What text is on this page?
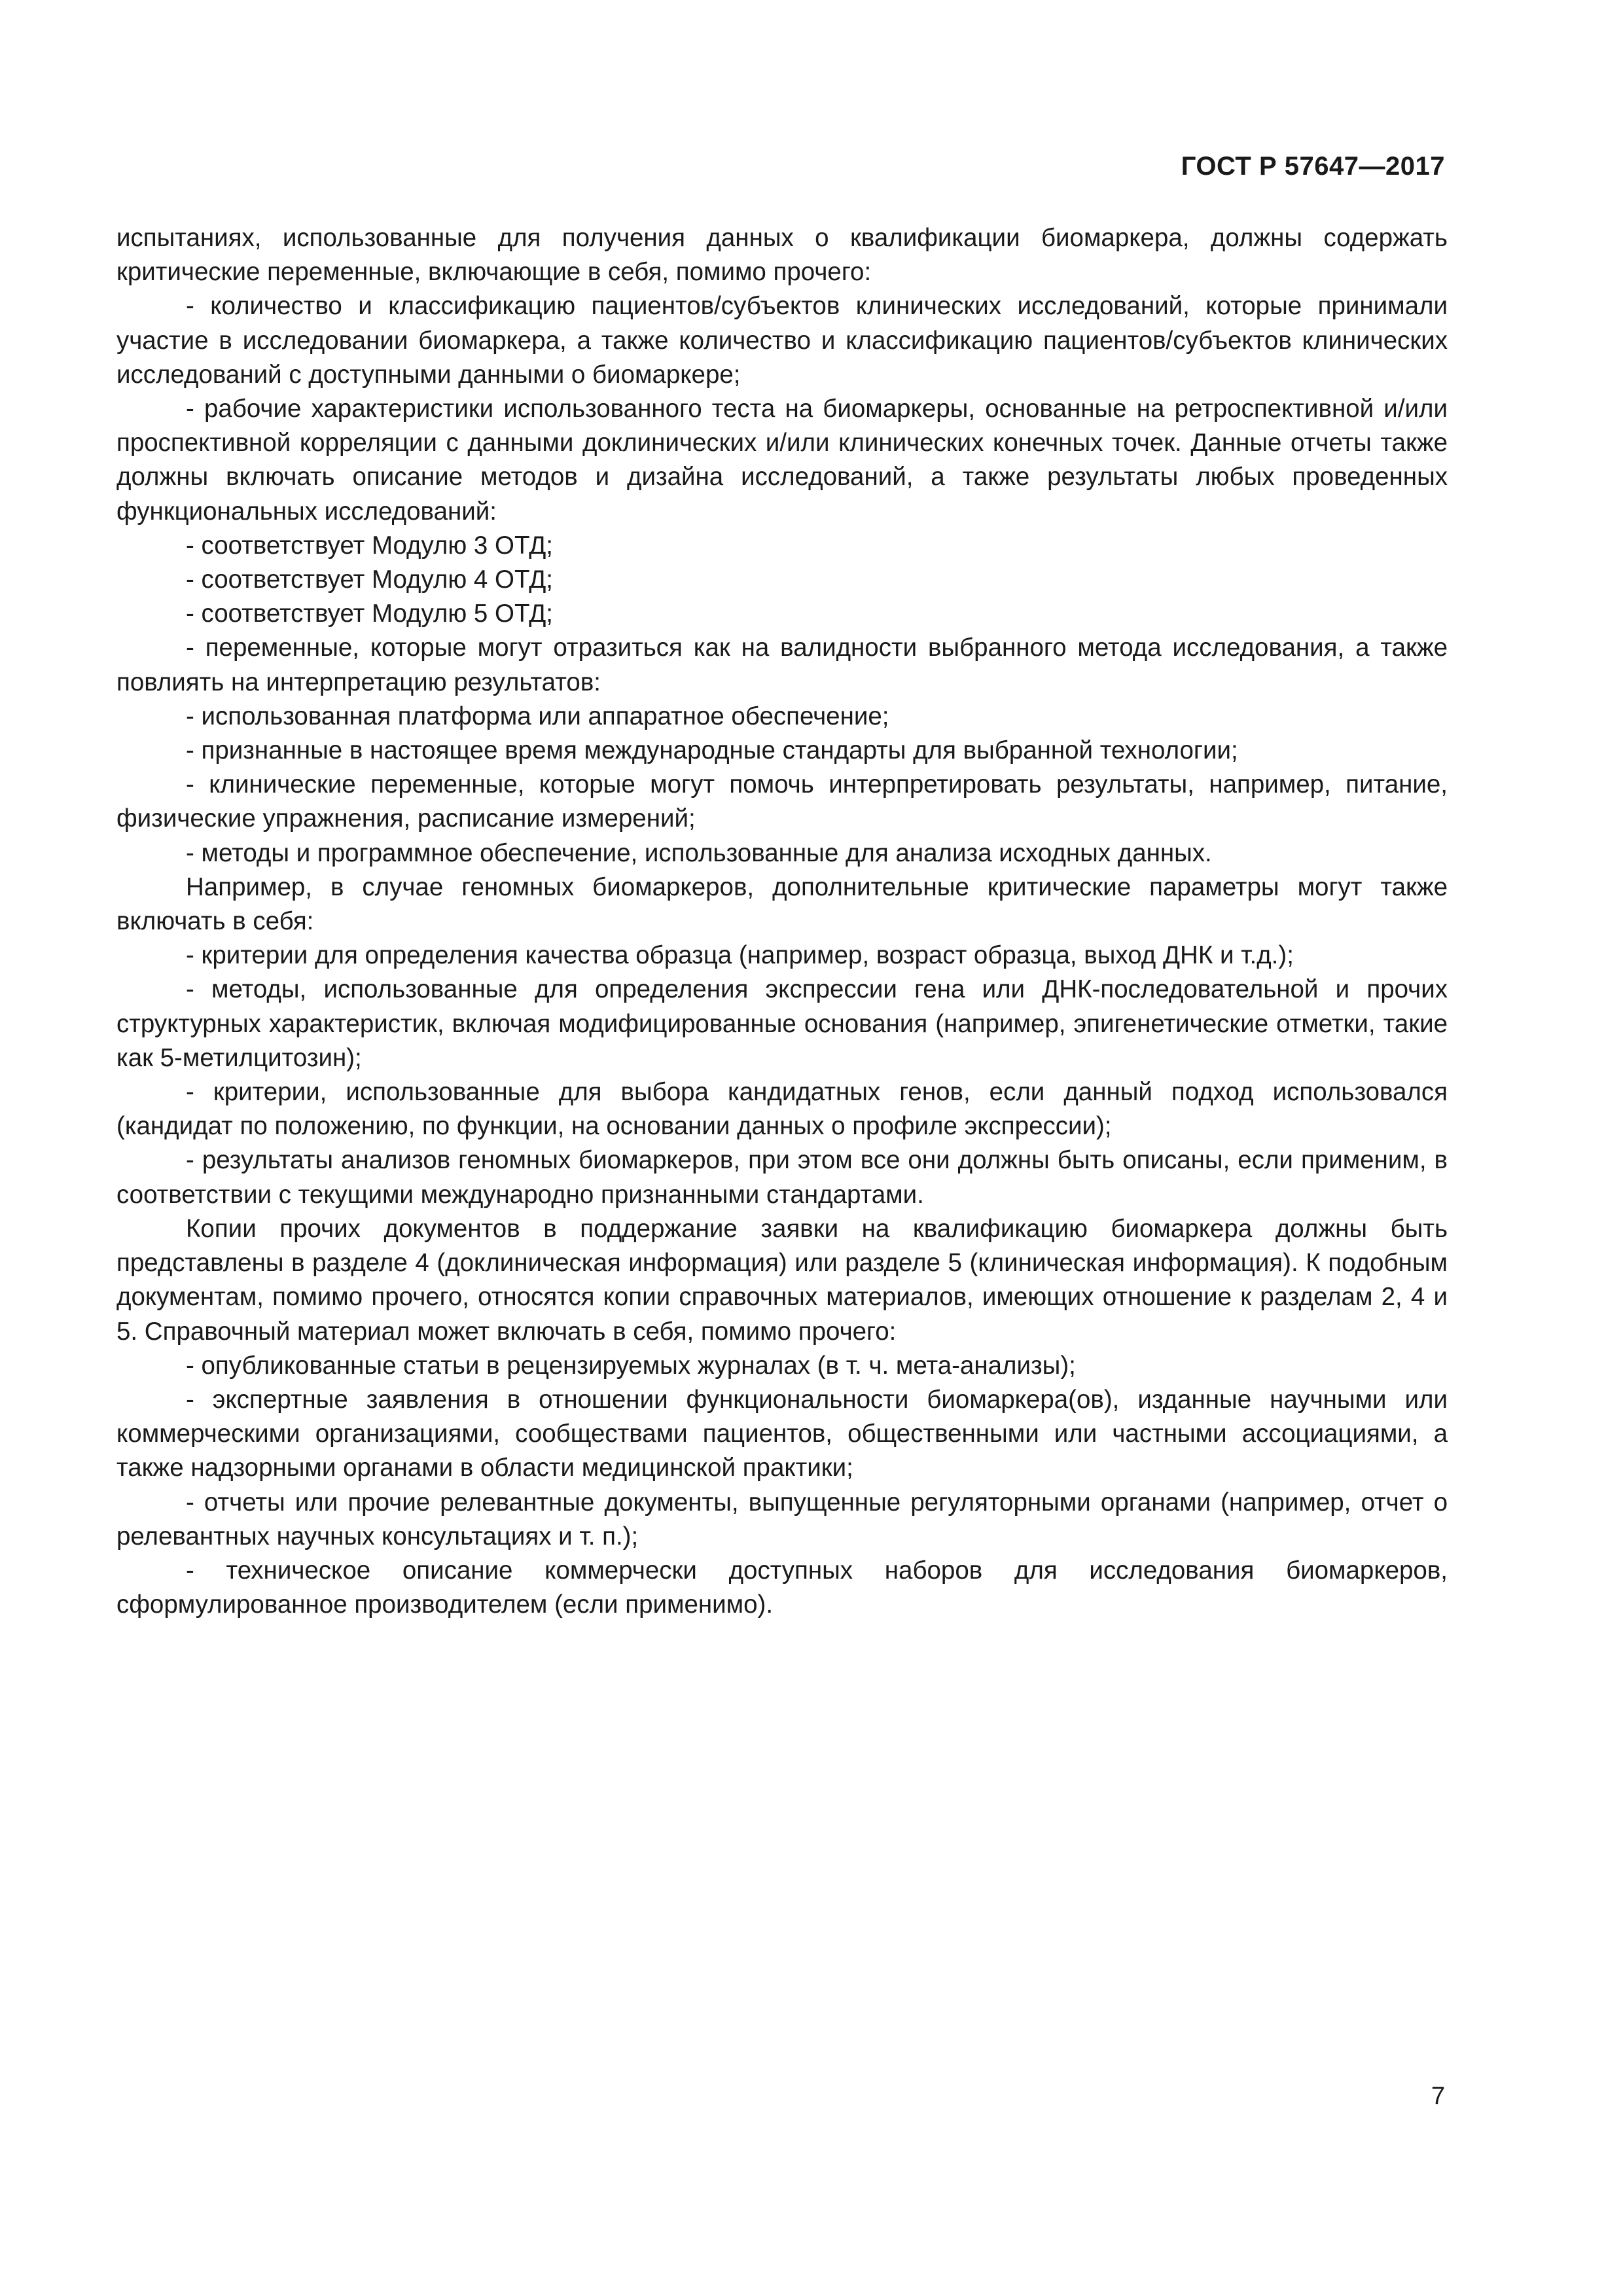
ГОСТ Р 57647—2017

испытаниях, использованные для получения данных о квалификации биомаркера, должны содержать критические переменные, включающие в себя, помимо прочего:

- количество и классификацию пациентов/субъектов клинических исследований, которые принимали участие в исследовании биомаркера, а также количество и классификацию пациентов/субъектов клинических исследований с доступными данными о биомаркере;

- рабочие характеристики использованного теста на биомаркеры, основанные на ретроспективной и/или проспективной корреляции с данными доклинических и/или клинических конечных точек. Данные отчеты также должны включать описание методов и дизайна исследований, а также результаты любых проведенных функциональных исследований:

- соответствует Модулю 3 ОТД;

- соответствует Модулю 4 ОТД;

- соответствует Модулю 5 ОТД;

- переменные, которые могут отразиться как на валидности выбранного метода исследования, а также повлиять на интерпретацию результатов:

- использованная платформа или аппаратное обеспечение;

- признанные в настоящее время международные стандарты для выбранной технологии;

- клинические переменные, которые могут помочь интерпретировать результаты, например, питание, физические упражнения, расписание измерений;

- методы и программное обеспечение, использованные для анализа исходных данных.

Например, в случае геномных биомаркеров, дополнительные критические параметры могут также включать в себя:

- критерии для определения качества образца (например, возраст образца, выход ДНК и т.д.);

- методы, использованные для определения экспрессии гена или ДНК-последовательной и прочих структурных характеристик, включая модифицированные основания (например, эпигенетические отметки, такие как 5-метилцитозин);

- критерии, использованные для выбора кандидатных генов, если данный подход использовался (кандидат по положению, по функции, на основании данных о профиле экспрессии);

- результаты анализов геномных биомаркеров, при этом все они должны быть описаны, если применим, в соответствии с текущими международно признанными стандартами.

Копии прочих документов в поддержание заявки на квалификацию биомаркера должны быть представлены в разделе 4 (доклиническая информация) или разделе 5 (клиническая информация). К подобным документам, помимо прочего, относятся копии справочных материалов, имеющих отношение к разделам 2, 4 и 5. Справочный материал может включать в себя, помимо прочего:

- опубликованные статьи в рецензируемых журналах (в т. ч. мета-анализы);

- экспертные заявления в отношении функциональности биомаркера(ов), изданные научными или коммерческими организациями, сообществами пациентов, общественными или частными ассоциациями, а также надзорными органами в области медицинской практики;

- отчеты или прочие релевантные документы, выпущенные регуляторными органами (например, отчет о релевантных научных консультациях и т. п.);

- техническое описание коммерчески доступных наборов для исследования биомаркеров, сформулированное производителем (если применимо).

7
